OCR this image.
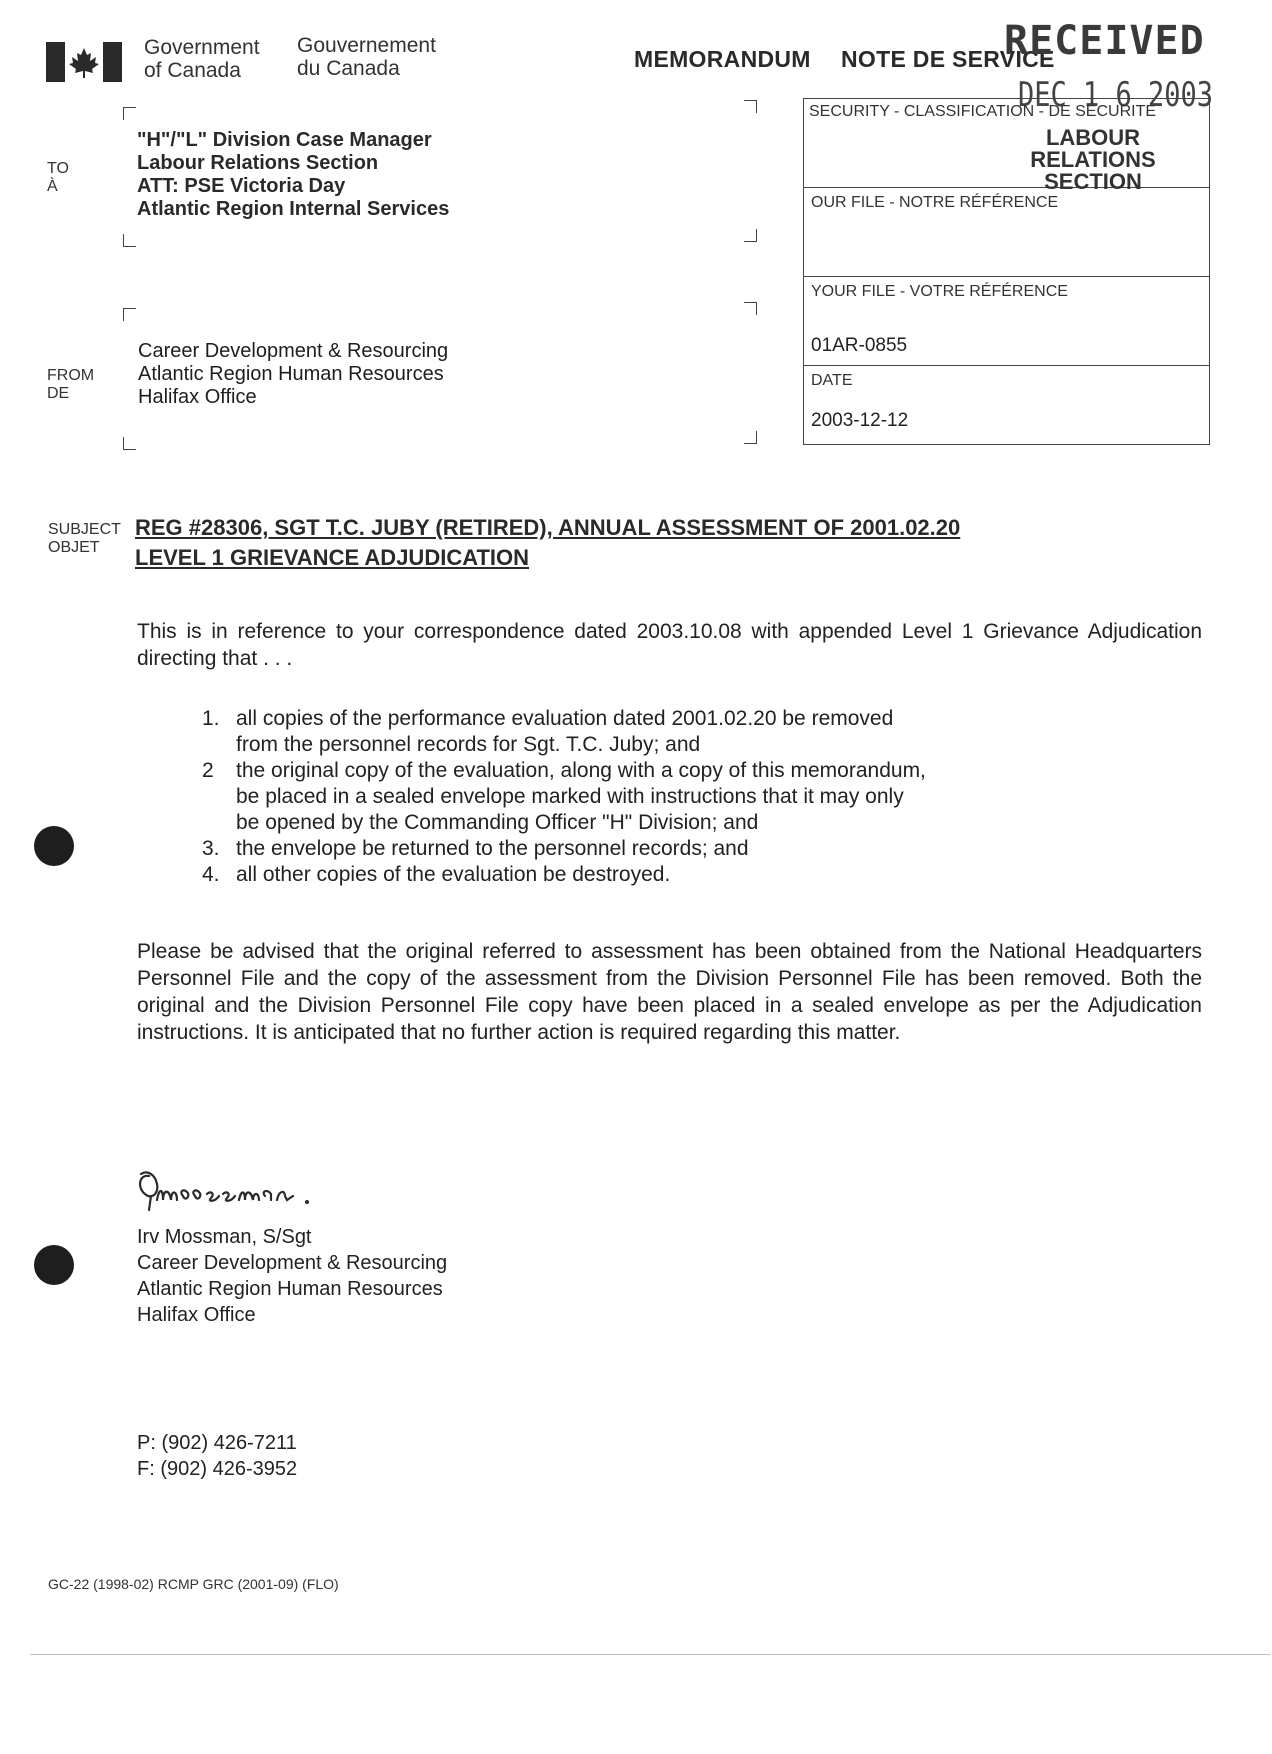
Government
of Canada
Gouvernement
du Canada	MEMORANDUM NOTE DE SERVICE
RECEIVED
DEC 1 6 2003
SECURITY - CLASSIFICATION - DE SÉCURITÉ
LABOUR RELATIONS
SECTION
OUR FILE - NOTRE RÉFÉRENCE
YOUR FILE - VOTRE RÉFÉRENCE
01AR-0855
DATE
2003-12-12
TO
À
"H"/"L" Division Case Manager
Labour Relations Section
ATT: PSE Victoria Day
Atlantic Region Internal Services
FROM
DE
Career Development & Resourcing
Atlantic Region Human Resources
Halifax Office
SUBJECT
OBJET
REG #28306, SGT T.C. JUBY (RETIRED), ANNUAL ASSESSMENT OF 2001.02.20
LEVEL 1 GRIEVANCE ADJUDICATION
This is in reference to your correspondence dated 2003.10.08 with appended Level 1 Grievance Adjudication directing that . . .
1. all copies of the performance evaluation dated 2001.02.20 be removed
from the personnel records for Sgt. T.C. Juby; and
2 the original copy of the evaluation, along with a copy of this memorandum,
be placed in a sealed envelope marked with instructions that it may only
be opened by the Commanding Officer "H" Division; and
3. the envelope be returned to the personnel records; and
4. all other copies of the evaluation be destroyed.
Please be advised that the original referred to assessment has been obtained from the National Headquarters Personnel File and the copy of the assessment from the Division Personnel File has been removed. Both the original and the Division Personnel File copy have been placed in a sealed envelope as per the Adjudication instructions. It is anticipated that no further action is required regarding this matter.
Irv Mossman, S/Sgt
Career Development & Resourcing
Atlantic Region Human Resources
Halifax Office
P: (902) 426-7211
F: (902) 426-3952
GC-22 (1998-02) RCMP GRC (2001-09) (FLO)
